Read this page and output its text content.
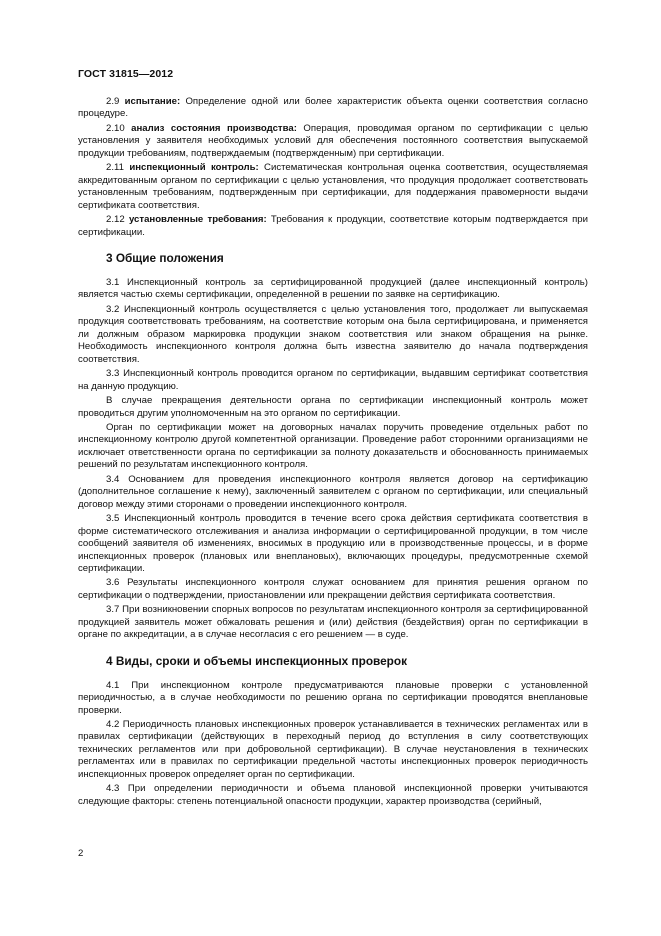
ГОСТ 31815—2012
2.9 испытание: Определение одной или более характеристик объекта оценки соответствия согласно процедуре.
2.10 анализ состояния производства: Операция, проводимая органом по сертификации с целью установления у заявителя необходимых условий для обеспечения постоянного соответствия выпускаемой продукции требованиям, подтверждаемым (подтвержденным) при сертификации.
2.11 инспекционный контроль: Систематическая контрольная оценка соответствия, осуществляемая аккредитованным органом по сертификации с целью установления, что продукция продолжает соответствовать установленным требованиям, подтвержденным при сертификации, для поддержания правомерности выдачи сертификата соответствия.
2.12 установленные требования: Требования к продукции, соответствие которым подтверждается при сертификации.
3 Общие положения
3.1 Инспекционный контроль за сертифицированной продукцией (далее инспекционный контроль) является частью схемы сертификации, определенной в решении по заявке на сертификацию.
3.2 Инспекционный контроль осуществляется с целью установления того, продолжает ли выпускаемая продукция соответствовать требованиям, на соответствие которым она была сертифицирована, и применяется ли должным образом маркировка продукции знаком соответствия или знаком обращения на рынке. Необходимость инспекционного контроля должна быть известна заявителю до начала подтверждения соответствия.
3.3 Инспекционный контроль проводится органом по сертификации, выдавшим сертификат соответствия на данную продукцию.
В случае прекращения деятельности органа по сертификации инспекционный контроль может проводиться другим уполномоченным на это органом по сертификации.
Орган по сертификации может на договорных началах поручить проведение отдельных работ по инспекционному контролю другой компетентной организации. Проведение работ сторонними организациями не исключает ответственности органа по сертификации за полноту доказательств и обоснованность принимаемых решений по результатам инспекционного контроля.
3.4 Основанием для проведения инспекционного контроля является договор на сертификацию (дополнительное соглашение к нему), заключенный заявителем с органом по сертификации, или специальный договор между этими сторонами о проведении инспекционного контроля.
3.5 Инспекционный контроль проводится в течение всего срока действия сертификата соответствия в форме систематического отслеживания и анализа информации о сертифицированной продукции, в том числе сообщений заявителя об изменениях, вносимых в продукцию или в производственные процессы, и в форме инспекционных проверок (плановых или внеплановых), включающих процедуры, предусмотренные схемой сертификации.
3.6 Результаты инспекционного контроля служат основанием для принятия решения органом по сертификации о подтверждении, приостановлении или прекращении действия сертификата соответствия.
3.7 При возникновении спорных вопросов по результатам инспекционного контроля за сертифицированной продукцией заявитель может обжаловать решения и (или) действия (бездействия) орган по сертификации в органе по аккредитации, а в случае несогласия с его решением — в суде.
4 Виды, сроки и объемы инспекционных проверок
4.1 При инспекционном контроле предусматриваются плановые проверки с установленной периодичностью, а в случае необходимости по решению органа по сертификации проводятся внеплановые проверки.
4.2 Периодичность плановых инспекционных проверок устанавливается в технических регламентах или в правилах сертификации (действующих в переходный период до вступления в силу соответствующих технических регламентов или при добровольной сертификации). В случае неустановления в технических регламентах или в правилах по сертификации предельной частоты инспекционных проверок периодичность инспекционных проверок определяет орган по сертификации.
4.3 При определении периодичности и объема плановой инспекционной проверки учитываются следующие факторы: степень потенциальной опасности продукции, характер производства (серийный,
2
